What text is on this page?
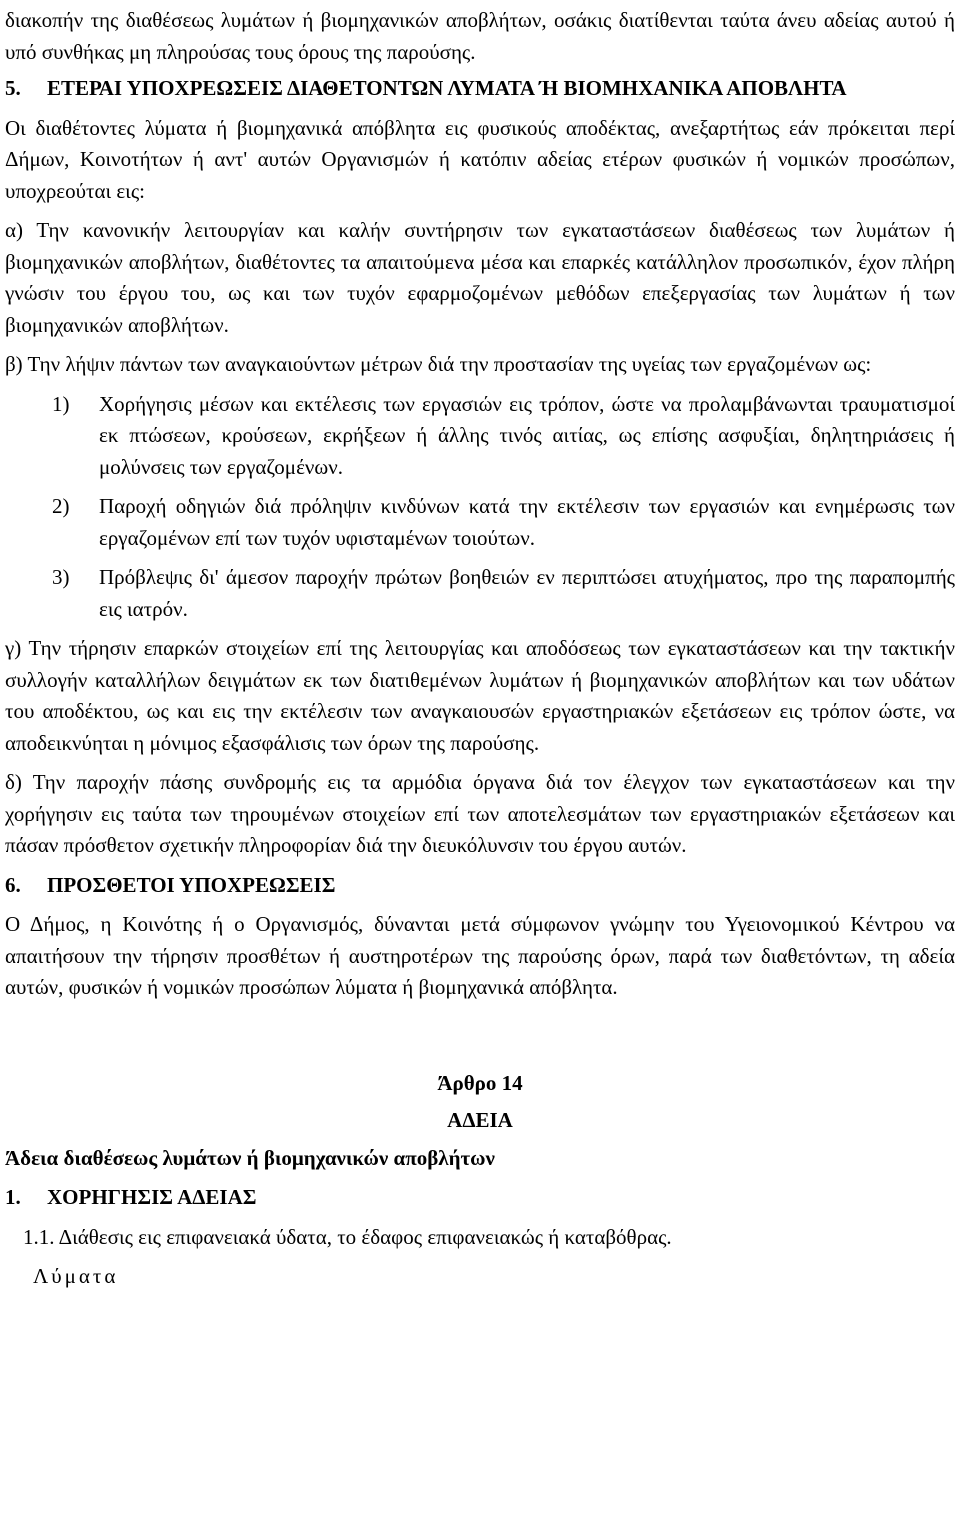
διακοπήν της διαθέσεως λυμάτων ή βιομηχανικών αποβλήτων, οσάκις διατίθενται ταύτα άνευ αδείας αυτού ή υπό συνθήκας μη πληρούσας τους όρους της παρούσης.

5. ΕΤΕΡΑΙ ΥΠΟΧΡΕΩΣΕΙΣ ΔΙΑΘΕΤΟΝΤΩΝ ΛΥΜΑΤΑ Ή ΒΙΟΜΗΧΑΝΙΚΑ ΑΠΟΒΛΗΤΑ

Οι διαθέτοντες λύματα ή βιομηχανικά απόβλητα εις φυσικούς αποδέκτας, ανεξαρτήτως εάν πρόκειται περί Δήμων, Κοινοτήτων ή αντ' αυτών Οργανισμών ή κατόπιν αδείας ετέρων φυσικών ή νομικών προσώπων, υποχρεούται εις:

α) Την κανονικήν λειτουργίαν και καλήν συντήρησιν των εγκαταστάσεων διαθέσεως των λυμάτων ή βιομηχανικών αποβλήτων, διαθέτοντες τα απαιτούμενα μέσα και επαρκές κατάλληλον προσωπικόν, έχον πλήρη γνώσιν του έργου του, ως και των τυχόν εφαρμοζομένων μεθόδων επεξεργασίας των λυμάτων ή των βιομηχανικών αποβλήτων.

β) Την λήψιν πάντων των αναγκαιούντων μέτρων διά την προστασίαν της υγείας των εργαζομένων ως:

1)	Χορήγησις μέσων και εκτέλεσις των εργασιών εις τρόπον, ώστε να προλαμβάνωνται τραυματισμοί εκ πτώσεων, κρούσεων, εκρήξεων ή άλλης τινός αιτίας, ως επίσης ασφυξίαι, δηλητηριάσεις ή μολύνσεις των εργαζομένων.
2)	Παροχή οδηγιών διά πρόληψιν κινδύνων κατά την εκτέλεσιν των εργασιών και ενημέρωσις των εργαζομένων επί των τυχόν υφισταμένων τοιούτων.
3)	Πρόβλεψις δι' άμεσον παροχήν πρώτων βοηθειών εν περιπτώσει ατυχήματος, προ της παραπομπής εις ιατρόν.

γ) Την τήρησιν επαρκών στοιχείων επί της λειτουργίας και αποδόσεως των εγκαταστάσεων και την τακτικήν συλλογήν καταλλήλων δειγμάτων εκ των διατιθεμένων λυμάτων ή βιομηχανικών αποβλήτων και των υδάτων του αποδέκτου, ως και εις την εκτέλεσιν των αναγκαιουσών εργαστηριακών εξετάσεων εις τρόπον ώστε, να αποδεικνύηται η μόνιμος εξασφάλισις των όρων της παρούσης.

δ) Την παροχήν πάσης συνδρομής εις τα αρμόδια όργανα διά τον έλεγχον των εγκαταστάσεων και την χορήγησιν εις ταύτα των τηρουμένων στοιχείων επί των αποτελεσμάτων των εργαστηριακών εξετάσεων και πάσαν πρόσθετον σχετικήν πληροφορίαν διά την διευκόλυνσιν του έργου αυτών.

6. ΠΡΟΣΘΕΤΟΙ ΥΠΟΧΡΕΩΣΕΙΣ

Ο Δήμος, η Κοινότης ή ο Οργανισμός, δύνανται μετά σύμφωνον γνώμην του Υγειονομικού Κέντρου να απαιτήσουν την τήρησιν προσθέτων ή αυστηροτέρων της παρούσης όρων, παρά των διαθετόντων, τη αδεία αυτών, φυσικών ή νομικών προσώπων λύματα ή βιομηχανικά απόβλητα.

Άρθρο 14

ΑΔΕΙΑ

Άδεια διαθέσεως λυμάτων ή βιομηχανικών αποβλήτων

1. ΧΟΡΗΓΗΣΙΣ ΑΔΕΙΑΣ

1.1. Διάθεσις εις επιφανειακά ύδατα, το έδαφος επιφανειακώς ή καταβόθρας.

Λύματα
